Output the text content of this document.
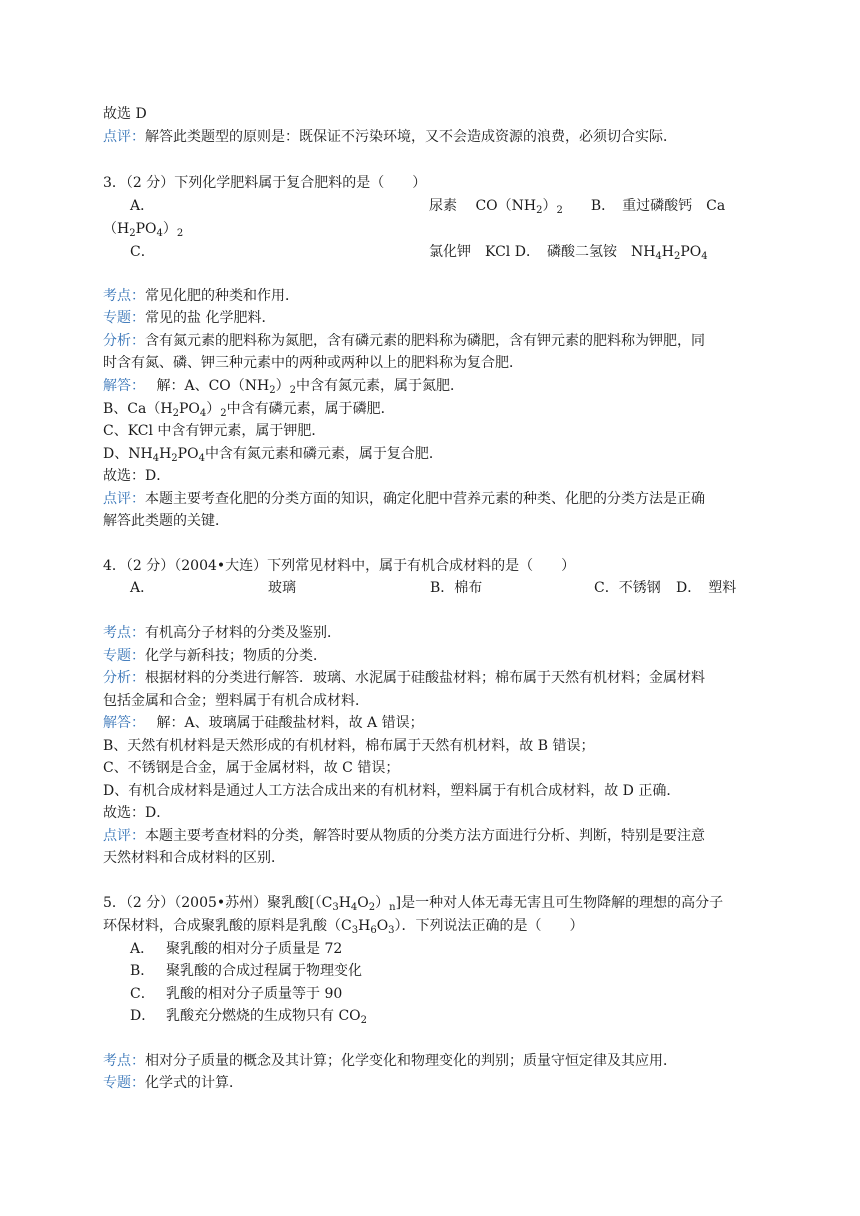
故选 D
点评：解答此类题型的原则是：既保证不污染环境，又不会造成资源的浪费，必须切合实际．
3．（2 分）下列化学肥料属于复合肥料的是（　　）
A．	尿素　 $CO(NH_2)_2$　　 B．　重过磷酸钙　Ca
$(H_2PO_4)_2$
C．	氯化钾　KCl D．　磷酸二氢铵　$NH_4H_2PO_4$
考点：常见化肥的种类和作用．
专题：常见的盐 化学肥料．
分析：含有氮元素的肥料称为氮肥，含有磷元素的肥料称为磷肥，含有钾元素的肥料称为钾肥，同
时含有氮、磷、钾三种元素中的两种或两种以上的肥料称为复合肥．
解答：　 解：A、$CO(NH_2)_2$中含有氮元素，属于氮肥．
B、$Ca(H_2PO_4)_2$中含有磷元素，属于磷肥．
C、KCl 中含有钾元素，属于钾肥．
D、$NH_4H_2PO_4$中含有氮元素和磷元素，属于复合肥．
故选：D．
点评：本题主要考查化肥的分类方面的知识，确定化肥中营养元素的种类、化肥的分类方法是正确
解答此类题的关键．
4．（2 分）（2004•大连）下列常见材料中，属于有机合成材料的是（　　）
A．	玻璃	B．棉布	C．不锈钢 D．　塑料
考点：有机高分子材料的分类及鉴别．
专题：化学与新科技；物质的分类．
分析：根据材料的分类进行解答．玻璃、水泥属于硅酸盐材料；棉布属于天然有机材料；金属材料
包括金属和合金；塑料属于有机合成材料．
解答：　 解：A、玻璃属于硅酸盐材料，故 A 错误；
B、天然有机材料是天然形成的有机材料，棉布属于天然有机材料，故 B 错误；
C、不锈钢是合金，属于金属材料，故 C 错误；
D、有机合成材料是通过人工方法合成出来的有机材料，塑料属于有机合成材料，故 D 正确．
故选：D．
点评：本题主要考查材料的分类，解答时要从物质的分类方法方面进行分析、判断，特别是要注意
天然材料和合成材料的区别．
5．（2 分）（2005•苏州）聚乳酸$[(C_3H_4O_2)_n]$是一种对人体无毒无害且可生物降解的理想的高分子
环保材料，合成聚乳酸的原料是乳酸$(C_3H_6O_3)$．下列说法正确的是（　　）
A． 聚乳酸的相对分子质量是 72
B． 聚乳酸的合成过程属于物理变化
C． 乳酸的相对分子质量等于 90
D． 乳酸充分燃烧的生成物只有 $CO_2$
考点：相对分子质量的概念及其计算；化学变化和物理变化的判别；质量守恒定律及其应用．
专题：化学式的计算．
